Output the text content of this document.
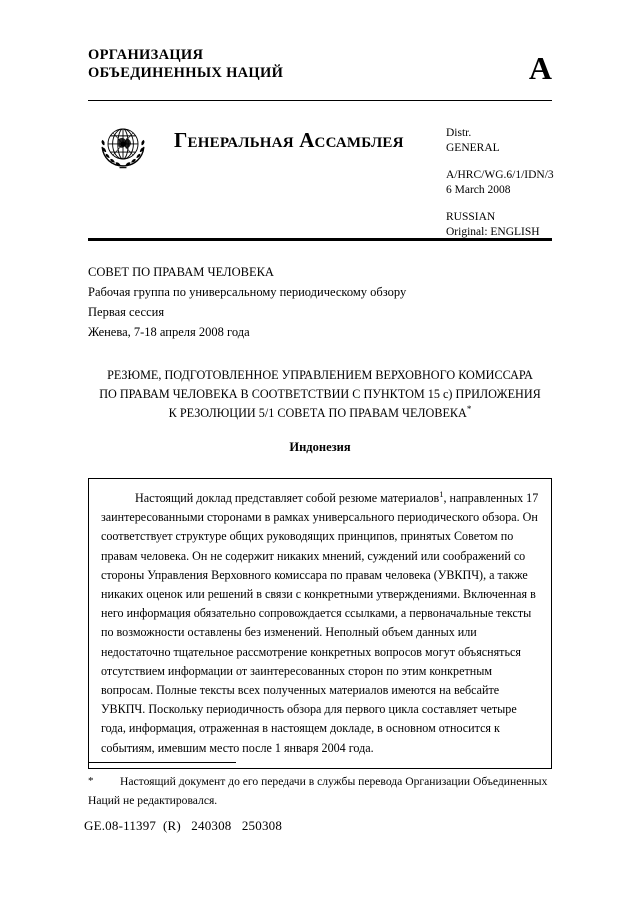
ОРГАНИЗАЦИЯ
ОБЪЕДИНЕННЫХ НАЦИЙ	A
Генеральная Ассамблея	Distr.
GENERAL
A/HRC/WG.6/1/IDN/3
6 March 2008
RUSSIAN
Original: ENGLISH
СОВЕТ ПО ПРАВАМ ЧЕЛОВЕКА
Рабочая группа по универсальному периодическому обзору
Первая сессия
Женева, 7-18 апреля 2008 года
РЕЗЮМЕ, ПОДГОТОВЛЕННОЕ УПРАВЛЕНИЕМ ВЕРХОВНОГО КОМИССАРА
ПО ПРАВАМ ЧЕЛОВЕКА В СООТВЕТСТВИИ С ПУНКТОМ 15 c) ПРИЛОЖЕНИЯ
К РЕЗОЛЮЦИИ 5/1 СОВЕТА ПО ПРАВАМ ЧЕЛОВЕКА*
Индонезия

Настоящий доклад представляет собой резюме материалов$^1$, направленных 17 заинтересованными сторонами в рамках универсального периодического обзора. Он соответствует структуре общих руководящих принципов, принятых Советом по правам человека. Он не содержит никаких мнений, суждений или соображений со стороны Управления Верховного комиссара по правам человека (УВКПЧ), а также никаких оценок или решений в связи с конкретными утверждениями. Включенная в него информация обязательно сопровождается ссылками, а первоначальные тексты по возможности оставлены без изменений. Неполный объем данных или недостаточно тщательное рассмотрение конкретных вопросов могут объясняться отсутствием информации от заинтересованных сторон по этим конкретным вопросам. Полные тексты всех полученных материалов имеются на вебсайте УВКПЧ. Поскольку периодичность обзора для первого цикла составляет четыре года, информация, отраженная в настоящем докладе, в основном относится к событиям, имевшим место после 1 января 2004 года.

*	Настоящий документ до его передачи в службы перевода Организации Объединенных Наций не редактировался.

GE.08-11397  (R)   240308   250308
